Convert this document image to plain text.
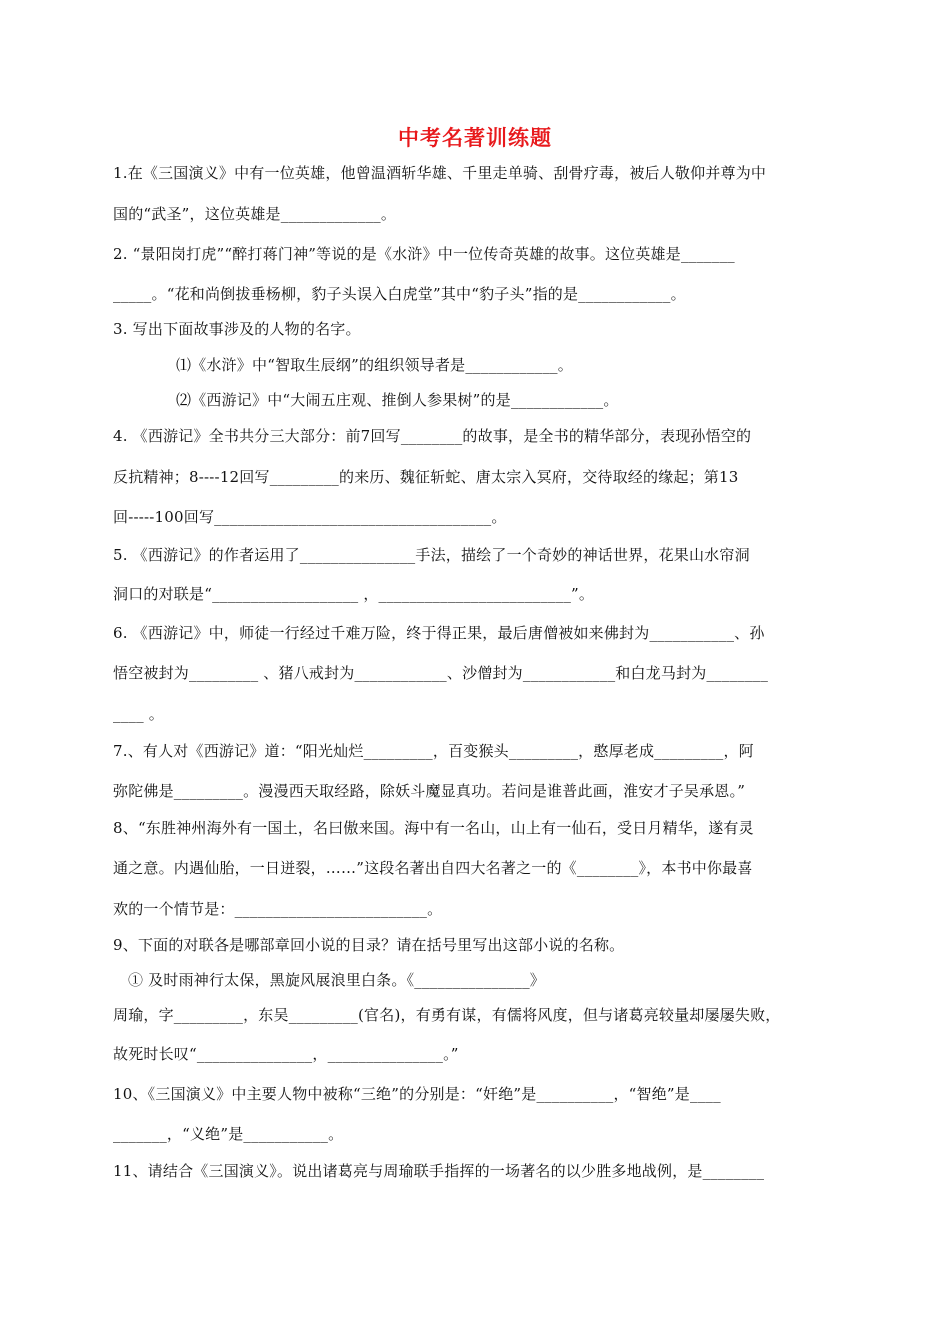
中考名著训练题
1.在《三国演义》中有一位英雄，他曾温酒斩华雄、千里走单骑、刮骨疗毒，被后人敬仰并尊为中
国的“武圣”，这位英雄是_____________。
2. “景阳岗打虎”“醉打蒋门神”等说的是《水浒》中一位传奇英雄的故事。这位英雄是_______
_____。“花和尚倒拔垂杨柳，豹子头误入白虎堂”其中“豹子头”指的是____________。
3. 写出下面故事涉及的人物的名字。
⑴《水浒》中“智取生辰纲”的组织领导者是____________。
⑵《西游记》中“大闹五庄观、推倒人参果树”的是____________。
4. 《西游记》全书共分三大部分：前7回写________的故事，是全书的精华部分，表现孙悟空的
反抗精神；8----12回写_________的来历、魏征斩蛇、唐太宗入冥府，交待取经的缘起；第13
回-----100回写____________________________________。
5. 《西游记》的作者运用了_______________手法，描绘了一个奇妙的神话世界，花果山水帘洞
洞口的对联是“___________________ ，_________________________”。
6. 《西游记》中，师徒一行经过千难万险，终于得正果，最后唐僧被如来佛封为___________、孙
悟空被封为_________ 、猪八戒封为____________、沙僧封为____________和白龙马封为________
____ 。
7.、有人对《西游记》道：“阳光灿烂_________，百变猴头_________，憨厚老成_________，阿
弥陀佛是_________。漫漫西天取经路，除妖斗魔显真功。若问是谁普此画，淮安才子吴承恩。”
8、“东胜神州海外有一国土，名曰傲来国。海中有一名山，山上有一仙石，受日月精华，遂有灵
通之意。内遇仙胎，一日迸裂，……”这段名著出自四大名著之一的《________》，本书中你最喜
欢的一个情节是：_________________________。
9、下面的对联各是哪部章回小说的目录？请在括号里写出这部小说的名称。
① 及时雨神行太保，黑旋风展浪里白条。《_______________》
周瑜，字_________，东吴_________(官名)，有勇有谋，有儒将风度，但与诸葛亮较量却屡屡失败，
故死时长叹“_______________，_______________。”
10、《三国演义》中主要人物中被称“三绝”的分别是：“奸绝”是__________，“智绝”是____
_______，“义绝”是___________。
11、请结合《三国演义》。说出诸葛亮与周瑜联手指挥的一场著名的以少胜多地战例，是________
